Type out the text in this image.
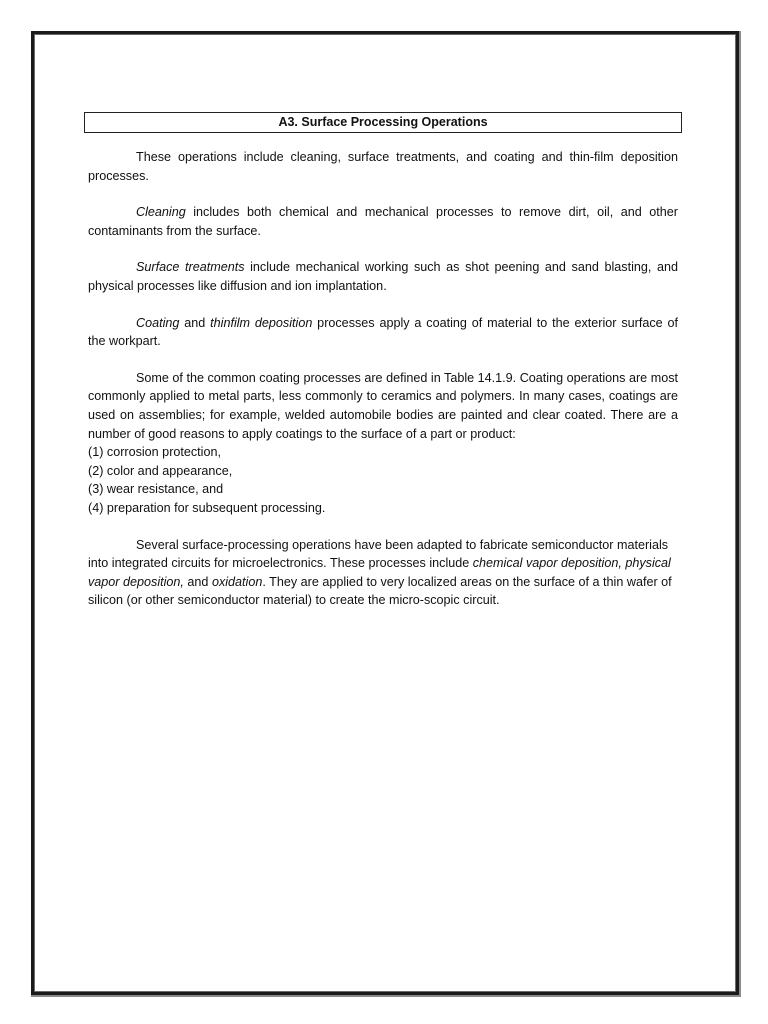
A3. Surface Processing Operations

These operations include cleaning, surface treatments, and coating and thin-film deposition processes.

Cleaning includes both chemical and mechanical processes to remove dirt, oil, and other contaminants from the surface.

Surface treatments include mechanical working such as shot peening and sand blasting, and physical processes like diffusion and ion implantation.

Coating and thinfilm deposition processes apply a coating of material to the exterior surface of the workpart.

Some of the common coating processes are defined in Table 14.1.9. Coating operations are most commonly applied to metal parts, less commonly to ceramics and polymers. In many cases, coatings are used on assemblies; for example, welded automobile bodies are painted and clear coated. There are a number of good reasons to apply coatings to the surface of a part or product:

(1) corrosion protection,
(2) color and appearance,
(3) wear resistance, and
(4) preparation for subsequent processing.

Several surface-processing operations have been adapted to fabricate semiconductor materials into integrated circuits for microelectronics. These processes include chemical vapor deposition, physical vapor deposition, and oxidation. They are applied to very localized areas on the surface of a thin wafer of silicon (or other semiconductor material) to create the micro-scopic circuit.
